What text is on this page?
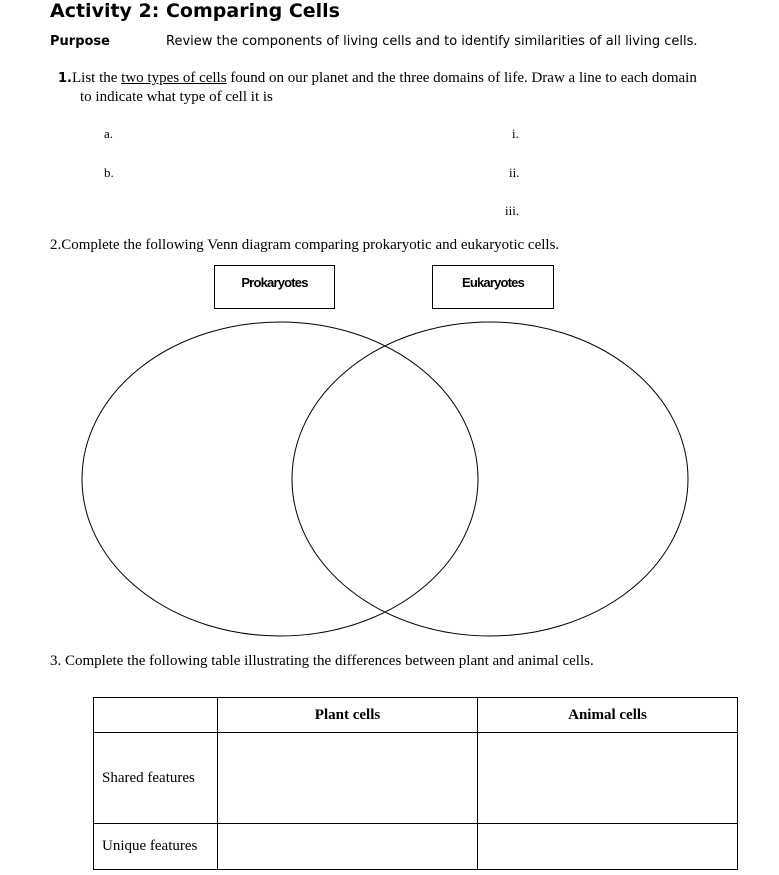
Activity 2: Comparing Cells
Purpose	Review the components of living cells and to identify similarities of all living cells.
1.List the two types of cells found on our planet and the three domains of life. Draw a line to each domain
to indicate what type of cell it is
a.
b.
i.
ii.
iii.
2.Complete the following Venn diagram comparing prokaryotic and eukaryotic cells.
Prokaryotes	Eukaryotes
3. Complete the following table illustrating the differences between plant and animal cells.
	Plant cells	Animal cells
Shared features		
Unique features		
